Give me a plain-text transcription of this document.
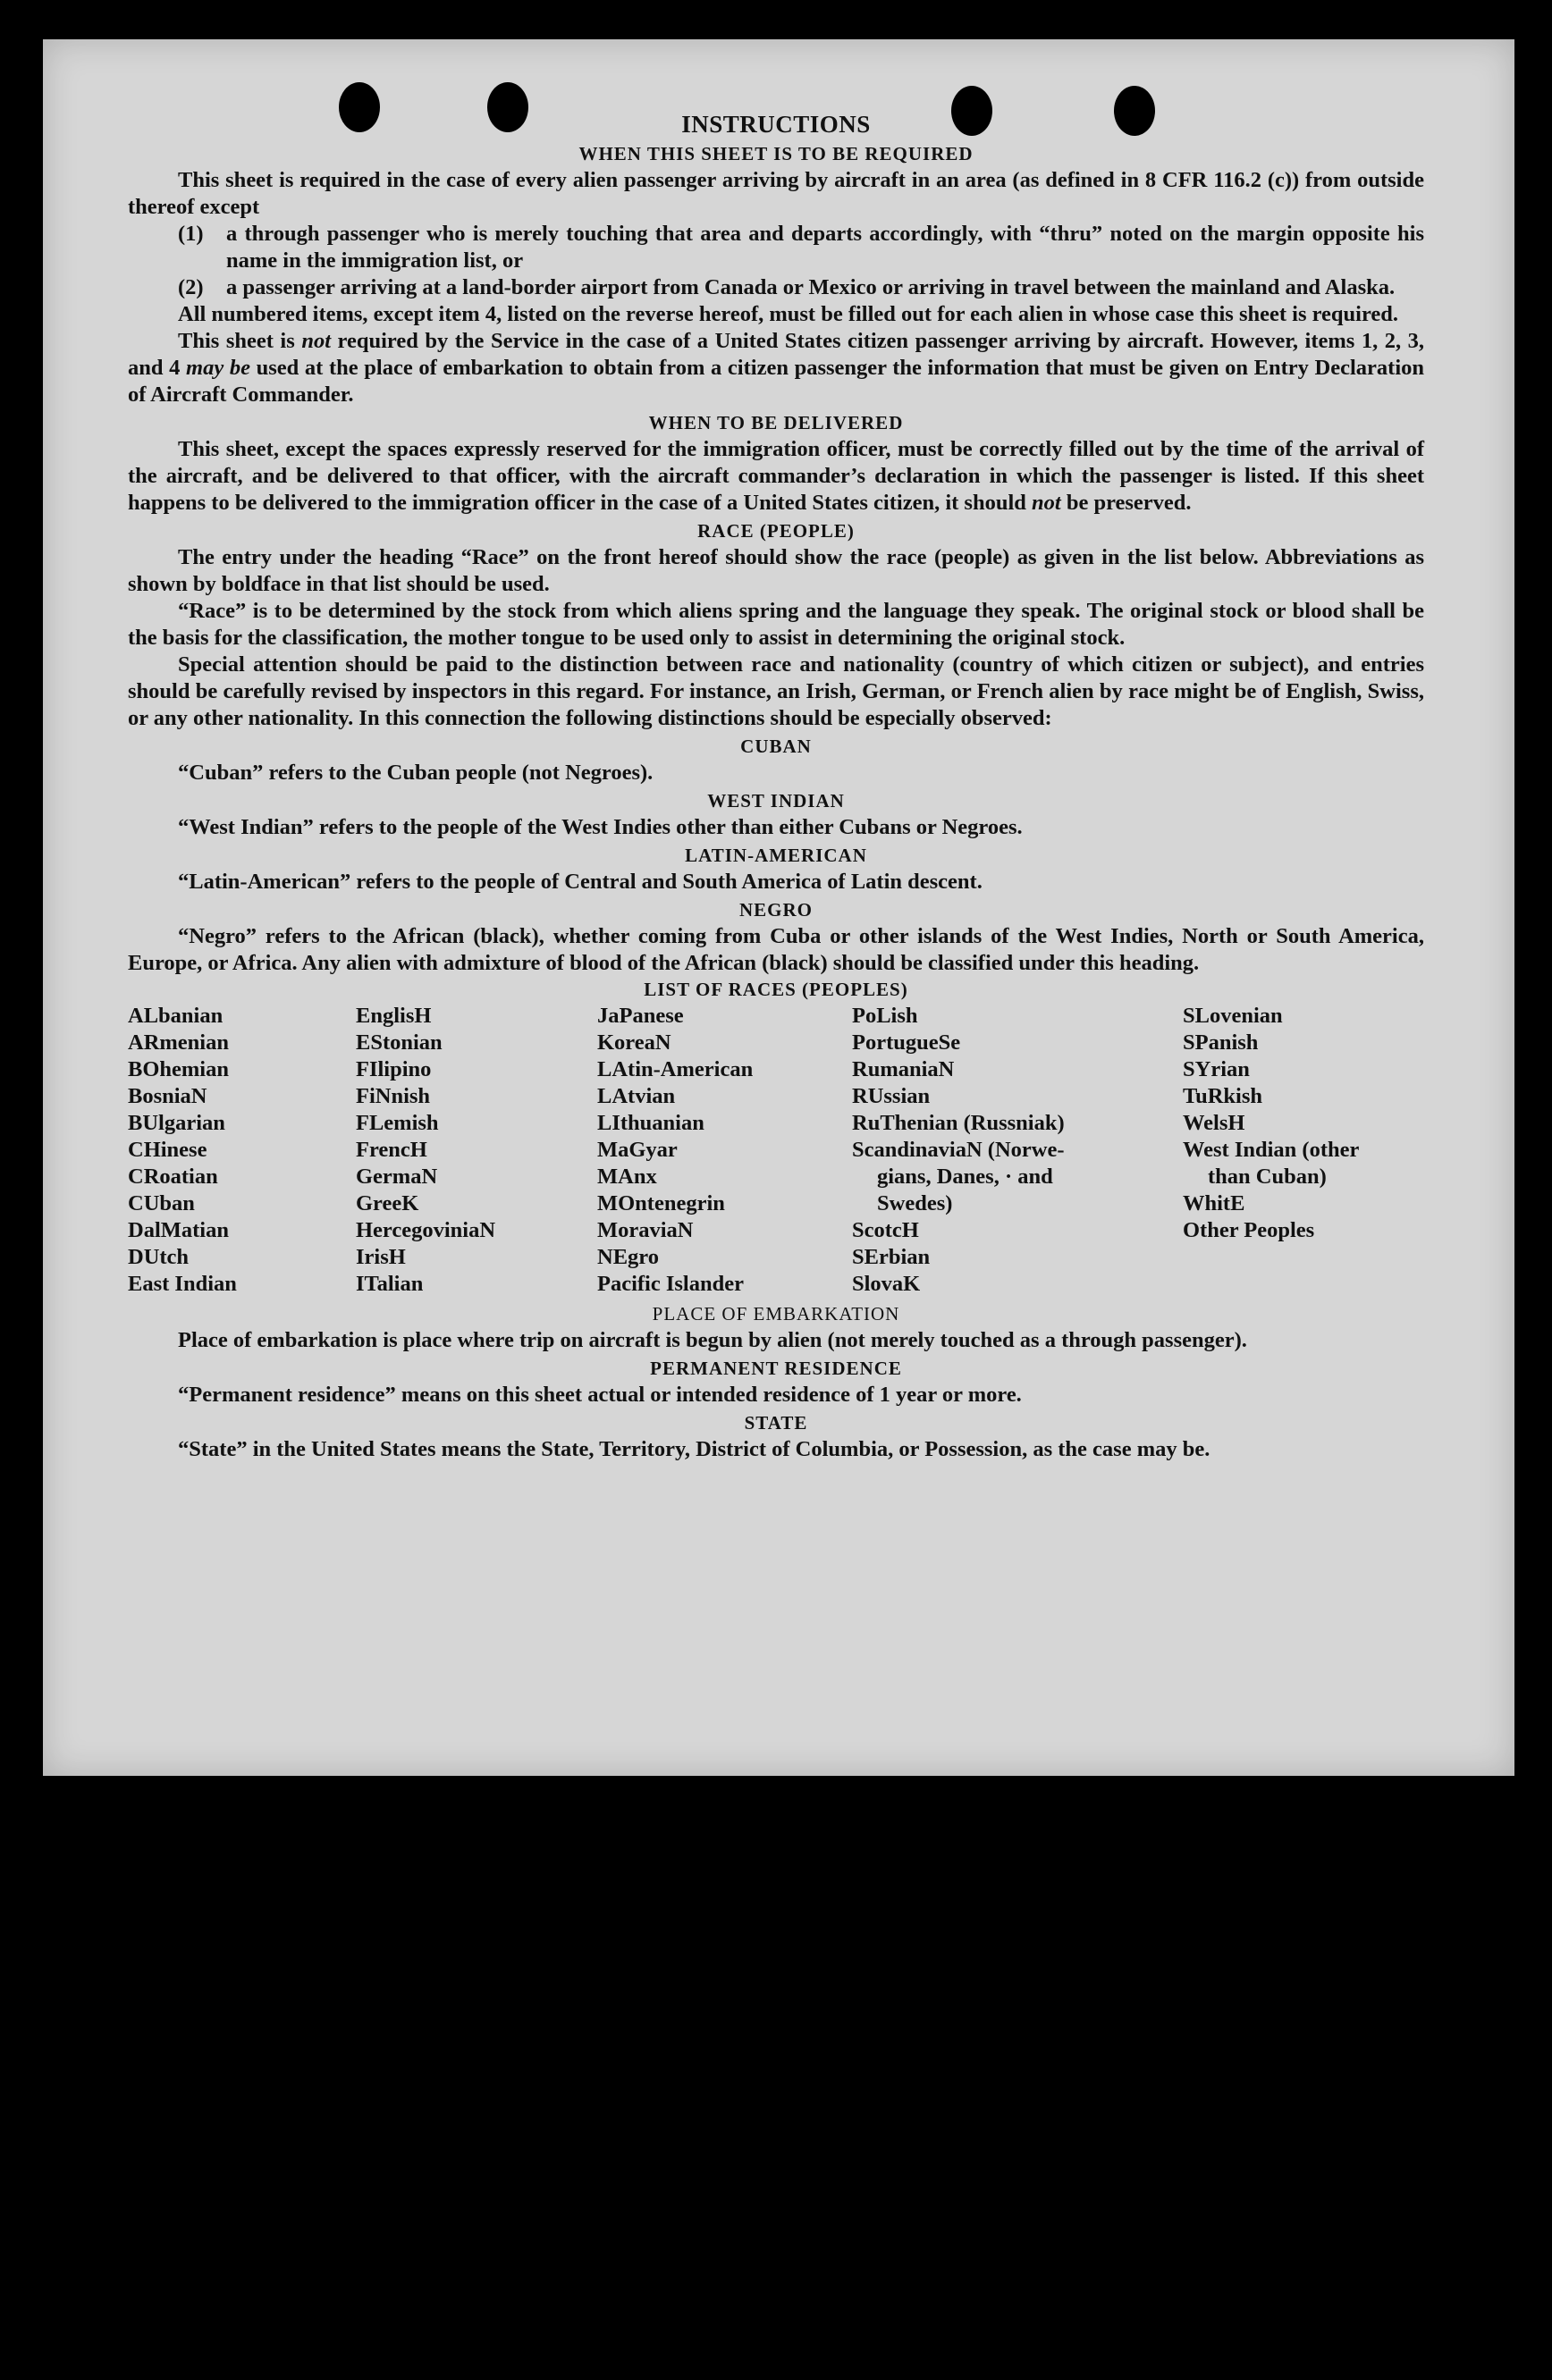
INSTRUCTIONS
WHEN THIS SHEET IS TO BE REQUIRED

This sheet is required in the case of every alien passenger arriving by aircraft in an area (as defined in 8 CFR 116.2 (c)) from outside thereof except

(1)	a through passenger who is merely touching that area and departs accordingly, with “thru” noted on the margin opposite his name in the immigration list, or
(2)	a passenger arriving at a land-border airport from Canada or Mexico or arriving in travel between the mainland and Alaska.

All numbered items, except item 4, listed on the reverse hereof, must be filled out for each alien in whose case this sheet is required.

This sheet is not required by the Service in the case of a United States citizen passenger arriving by aircraft. However, items 1, 2, 3, and 4 may be used at the place of embarkation to obtain from a citizen passenger the information that must be given on Entry Declaration of Aircraft Commander.

WHEN TO BE DELIVERED

This sheet, except the spaces expressly reserved for the immigration officer, must be correctly filled out by the time of the arrival of the aircraft, and be delivered to that officer, with the aircraft commander’s declaration in which the passenger is listed. If this sheet happens to be delivered to the immigration officer in the case of a United States citizen, it should not be preserved.

RACE (PEOPLE)

The entry under the heading “Race” on the front hereof should show the race (people) as given in the list below. Abbreviations as shown by boldface in that list should be used.

“Race” is to be determined by the stock from which aliens spring and the language they speak. The original stock or blood shall be the basis for the classification, the mother tongue to be used only to assist in determining the original stock.

Special attention should be paid to the distinction between race and nationality (country of which citizen or subject), and entries should be carefully revised by inspectors in this regard. For instance, an Irish, German, or French alien by race might be of English, Swiss, or any other nationality. In this connection the following distinctions should be especially observed:

CUBAN

“Cuban” refers to the Cuban people (not Negroes).

WEST INDIAN

“West Indian” refers to the people of the West Indies other than either Cubans or Negroes.

LATIN-AMERICAN

“Latin-American” refers to the people of Central and South America of Latin descent.

NEGRO

“Negro” refers to the African (black), whether coming from Cuba or other islands of the West Indies, North or South America, Europe, or Africa. Any alien with admixture of blood of the African (black) should be classified under this heading.

LIST OF RACES (PEOPLES)
ALbanian
ARmenian
BOhemian
BosniaN
BUlgarian
CHinese
CRoatian
CUban
DalMatian
DUtch
East Indian
EnglisH
EStonian
FIlipino
FiNnish
FLemish
FrencH
GermaN
GreeK
HercegoviniaN
IrisH
ITalian
JaPanese
KoreaN
LAtin-American
LAtvian
LIthuanian
MaGyar
MAnx
MOntenegrin
MoraviaN
NEgro
Pacific Islander
PoLish
PortugueSe
RumaniaN
RUssian
RuThenian (Russniak)
ScandinaviaN (Norwe-
gians, Danes, · and
Swedes)
ScotcH
SErbian
SlovaK
SLovenian
SPanish
SYrian
TuRkish
WelsH
West Indian (other
than Cuban)
WhitE
Other Peoples
PLACE OF EMBARKATION

Place of embarkation is place where trip on aircraft is begun by alien (not merely touched as a through passenger).

PERMANENT RESIDENCE

“Permanent residence” means on this sheet actual or intended residence of 1 year or more.

STATE

“State” in the United States means the State, Territory, District of Columbia, or Possession, as the case may be.
